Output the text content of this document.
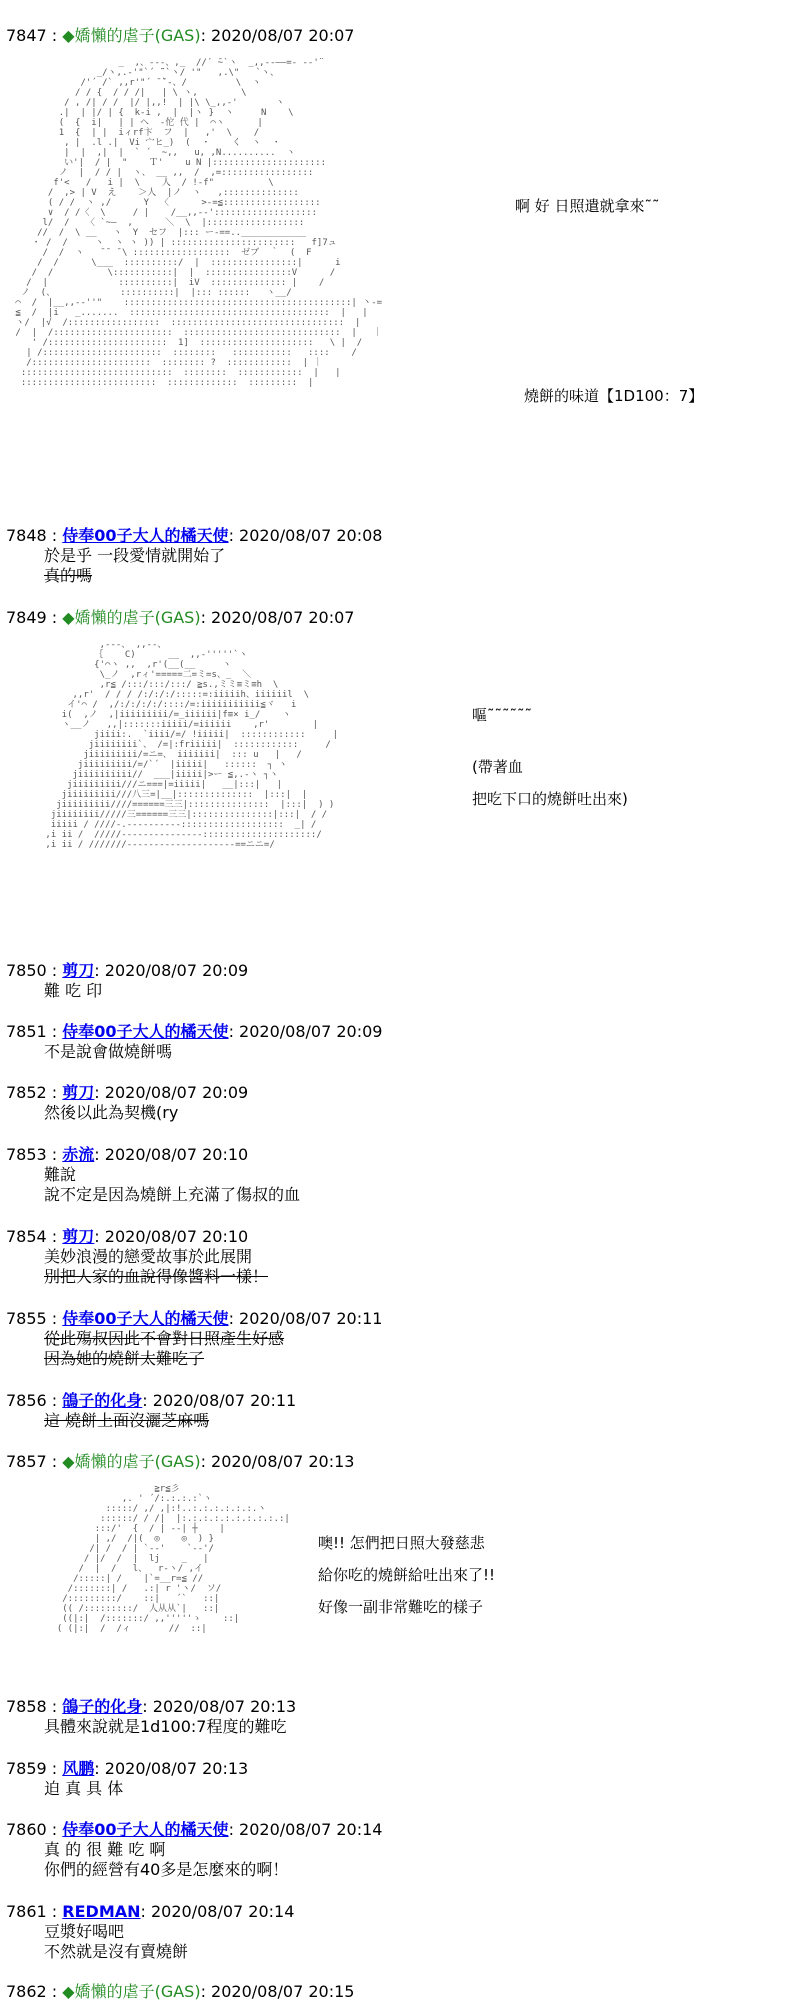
7847 : ◆嬌懶的虐子(GAS): 2020/08/07 20:07
_  ,、-‐-、,_  //´ ̄~`ヽ  _,,--――=- -‐'¨
_/ヽ,.-'"`´ ̄¨`ヽ/ '"   ,.\"   `ヽ、
/'´ /` ,,r'"´ ̄ ̄`‐、/         \  ヽ
/ / {  / / /|   | \ ヽ,        \
/ , /| / /  |/ |,,!  | |\ \_,,-'       ヽ
.|  | |/ | {  k‐i ,  |  |ヽ }  ヽ     N    \
(  {  i|   | | ヘ  ‐佗 代 |  ⌒ヽ      |
1  {  | |  iィrf卞  フ  |   ,'  \    /
, |  .l .|  Vi 宀ヒ_)  (  ・    く  ヽ  ・
|  |  ,|  |  ` ´  ~,,   u, ,N..........  ヽ
い'|  / |  "    Ｔ'    u N |:::::::::::::::::::::
ノ  |  / / |  ヽ、 __ ,,  /  ,=:::::::::::::::::
f'<   /   i |  \    人  / !-f"          \
/  ,> | V  え    ＞人  |ノ  ヽ   ,::::::::::::::
( / /  ヽ ,/      Y  〈      >-=≦::::::::::::::::::
∨  / /〈  \     / |    /__,,--':::::::::::::::::::
l/  /   〈 `~―  ,      ＼  \  |::::::::::::::::::
//  /  \ __   ヽ  Y  セフ  |::: ー-==..____________
・ /  /     ヽ  ヽ ヽ )) | :::::::::::::::::::::::   f]7ュ
/  /  ヽ   ̄ ̄  ̄ \ ::::::::::::::::::  ゼブ  ｀  (  F
/  /      \___  ::::::::::/  |  ::::::::::::::::|      i
/  /          \:::::::::::|  |  ::::::::::::::::V      /
/  |             ::::::::::|  iV  :::::::::::::: |    /
ノ  (、            ::::::::::|  |::: ::::::   ヽ__/
⌒  /  |__,,--''"    ::::::::::::::::::::::::::::::::::::::::::| 丶-=
≦  /  |i   _.......  :::::::::::::::::::::::::::::::::::::  |   |
ヽ/  |√  /:::::::::::::::::  ::::::::::::::::::::::::::::::::  |
/  |  /::::::::::::::::::::::  :::::::::::::::::::::::::::::  |   ｜
' /::::::::::::::::::::::  1]  :::::::::::::::::::::   \ |  /
| /::::::::::::::::::::::  ::::::::   :::::::::::   ::::    /
/::::::::::::::::::::::  :::::::: ?  ::::::::::::  | ｜
::::::::::::::::::::::::::::  ::::::::  ::::::::::::  |   |
:::::::::::::::::::::::::  :::::::::::::  :::::::::  |
啊 好 日照遣就拿來˜˜
燒餅的味道【1D100：7】
7848 : 侍奉00子大人的橘天使: 2020/08/07 20:08
於是乎 一段愛情就開始了
真的嗎
7849 : ◆嬌懶的虐子(GAS): 2020/08/07 20:07
,-‐-、 ,,-‐、
｛    C)      __  ,,-'''''`ヽ
{'⌒ヽ ,,  ,r'(__(__     ヽ
\_ノ  ,rィ'=====二=ミ=s、_  ＼
,r≦ /:::/:::/:::/ ≧s.,ミミ≡ミ≡h  \
,,r'  / / / /:/:/:/:::::=:iiiiih、iiiiiil  \
イ'⌒ /  ,/:/:/:/:/::::/=:iiiiiiiiiii≦ヾ   i
i(  ,ノ  ,|iiiiiiiii/=_iiiiii|f≡× i_/    ヽ
ヽ__ノ   ,,|:::::::iiiii/=iiiiii    ,r'        |
jiiii:.  `iiii/=/ !iiiii|  ::::::::::::     |
jiiiiiiii`、 /=|:friiiii|  ::::::::::::     /
jiiiiiiiii/=ニ=、 iiiiiii|  ::: u   |   /
jiiiiiiiii/=/`´  |iiiii|   ::::::  ┐ ヽ
jiiiiiiiiii//  ___|iiiii|>ー ≦,.-ヽ ┐ヽ
jiiiiiiiii///ニ===|=iiiii|   __|:::|   |
jiiiiiiiii///八三=|__|::::::::::::::  |:::|  |
jiiiiiiiii////======三三|:::::::::::::::  |:::|  ) )
jiiiiiiii/////三======三三|:::::::::::::::|:::|  / /
iiiii / ////-.----------:::::::::::::::::::  _| /
,i ii /  /////---------------:::::::::::::::::::::/
,i ii / ///////--------------------==ニニ=/
嘔˜˜˜˜˜˜
(帶著血
把吃下口的燒餅吐出來)
7850 : 剪刀: 2020/08/07 20:09
難 吃 印
7851 : 侍奉00子大人的橘天使: 2020/08/07 20:09
不是說會做燒餅嗎
7852 : 剪刀: 2020/08/07 20:09
然後以此為契機(ry
7853 : 赤流: 2020/08/07 20:10
難說
說不定是因為燒餅上充滿了傷叔的血
7854 : 剪刀: 2020/08/07 20:10
美妙浪漫的戀愛故事於此展開
別把人家的血說得像醬料一樣！
7855 : 侍奉00子大人的橘天使: 2020/08/07 20:11
從此殤叔因此不會對日照產生好感
因為她的燒餅太難吃了
7856 : 鴿子的化身: 2020/08/07 20:11
這 燒餅上面沒灑芝麻嗎
7857 : ◆嬌懶的虐子(GAS): 2020/08/07 20:13
≧r≦彡
,. ' ´/:.:.:.:`ヽ
:::::/ ,/ ,|:!..:.:.:.:.:.:.ヽ
::::::/ / /|  |:.:.:.:.:.:.:.:.:.:|
:::/'  {  / | -‐| ┼    |
| ,/  /|(  ◎    ◎  ) }
/| /  / | `-‐'    `‐-'/
/ |/  /  |  lj    _   |
/  |  /   l、  r‐ヽ/ ,イ
/:::::| /    |`=__r=≦ //
/:::::::| /   .:| r 'ヽ/  ソ/
/:::::::::/    ::|   ´`   ::|
(( /:::::::::/  人从从`|   ::|
((|:|  /:::::::/ ,,'''''ゝ    ::|
( (|:|  /  /ィ       //  ::|
噢!! 怎們把日照大發慈悲
給你吃的燒餅給吐出來了!!
好像一副非常難吃的樣子
7858 : 鴿子的化身: 2020/08/07 20:13
具體來說就是1d100:7程度的難吃
7859 : 风鹏: 2020/08/07 20:13
迫 真 具 体
7860 : 侍奉00子大人的橘天使: 2020/08/07 20:14
真 的 很 難 吃 啊
你們的經營有40多是怎麼來的啊！
7861 : REDMAN: 2020/08/07 20:14
豆漿好喝吧
不然就是沒有賣燒餅
7862 : ◆嬌懶的虐子(GAS): 2020/08/07 20:15
